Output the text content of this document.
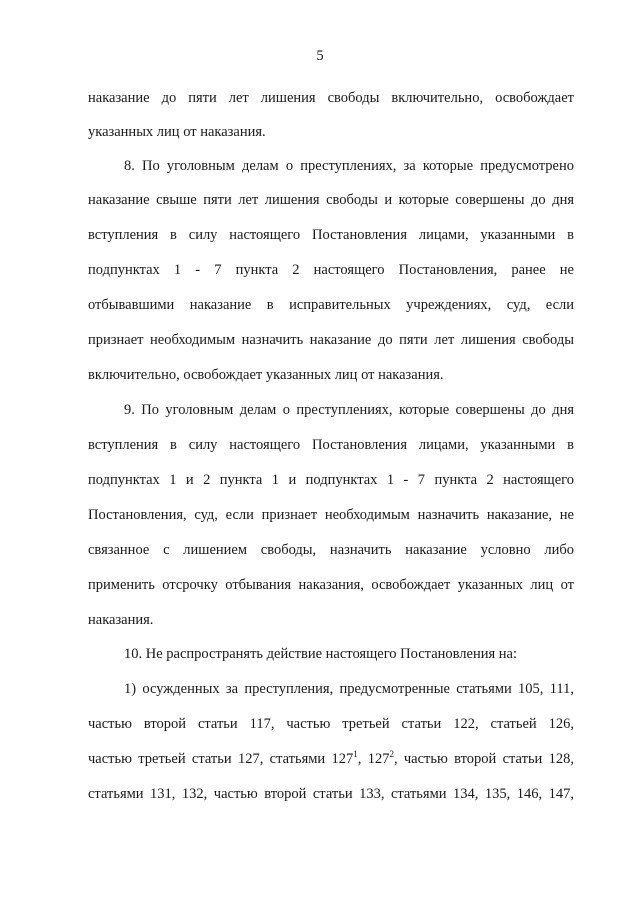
5
наказание до пяти лет лишения свободы включительно, освобождает
указанных лиц от наказания.
8. По уголовным делам о преступлениях, за которые предусмотрено
наказание свыше пяти лет лишения свободы и которые совершены до дня
вступления в силу настоящего Постановления лицами, указанными в
подпунктах 1 - 7 пункта 2 настоящего Постановления, ранее не
отбывавшими наказание в исправительных учреждениях, суд, если
признает необходимым назначить наказание до пяти лет лишения свободы
включительно, освобождает указанных лиц от наказания.
9. По уголовным делам о преступлениях, которые совершены до дня
вступления в силу настоящего Постановления лицами, указанными в
подпунктах 1 и 2 пункта 1 и подпунктах 1 - 7 пункта 2 настоящего
Постановления, суд, если признает необходимым назначить наказание, не
связанное с лишением свободы, назначить наказание условно либо
применить отсрочку отбывания наказания, освобождает указанных лиц от
наказания.
10. Не распространять действие настоящего Постановления на:
1) осужденных за преступления, предусмотренные статьями 105, 111,
частью второй статьи 117, частью третьей статьи 122, статьей 126,
частью третьей статьи 127, статьями $127^1$, $127^2$, частью второй статьи 128,
статьями 131, 132, частью второй статьи 133, статьями 134, 135, 146, 147,
